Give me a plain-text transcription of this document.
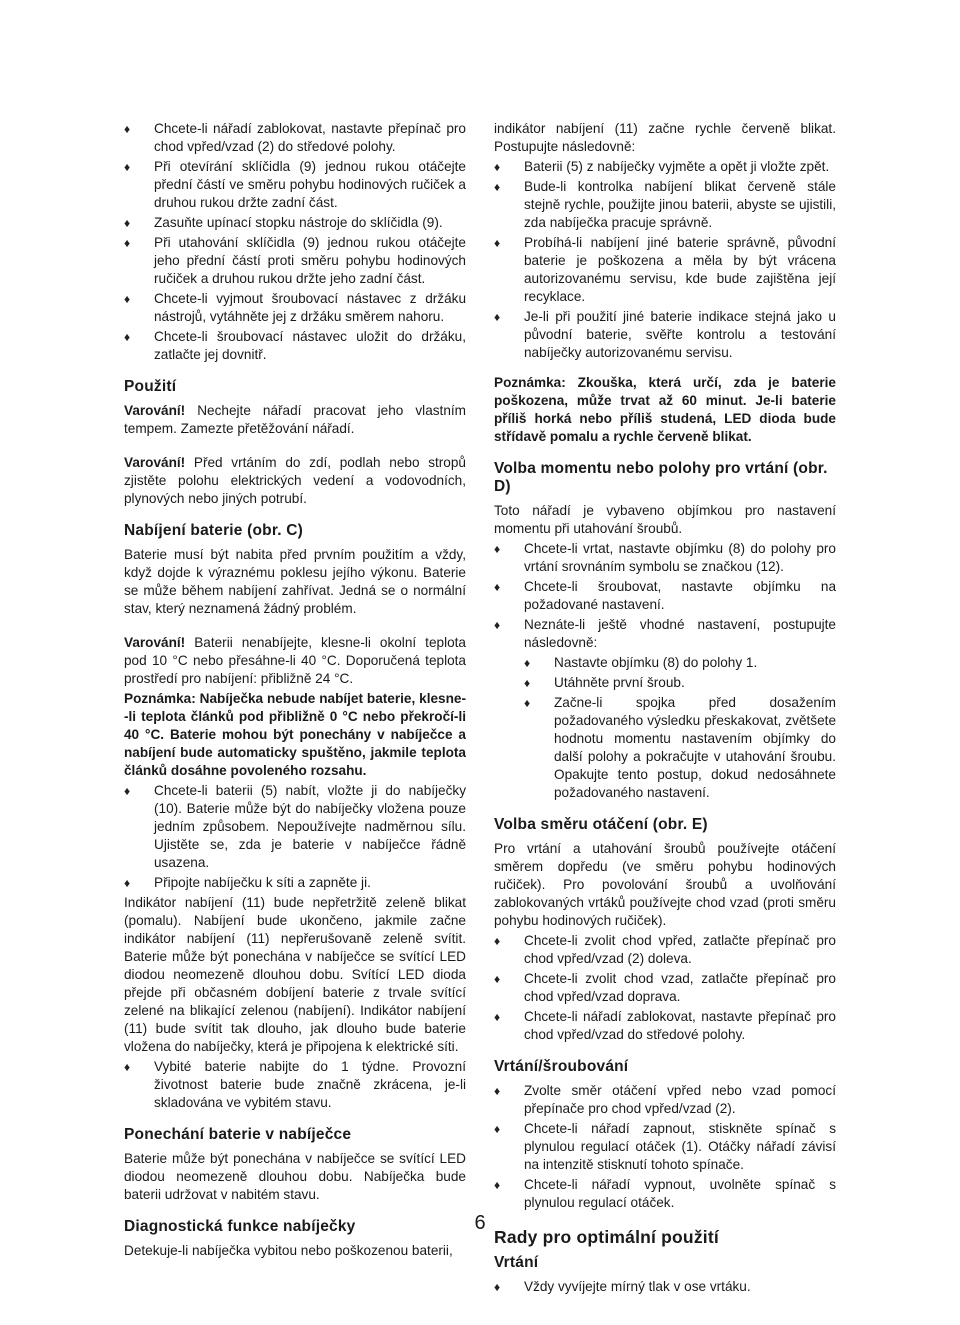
♦ Chcete-li nářadí zablokovat, nastavte přepínač pro chod vpřed/vzad (2) do středové polohy.
♦ Při otevírání sklíčidla (9) jednou rukou otáčejte přední částí ve směru pohybu hodinových ručiček a druhou rukou držte zadní část.
♦ Zasuňte upínací stopku nástroje do sklíčidla (9).
♦ Při utahování sklíčidla (9) jednou rukou otáčejte jeho přední částí proti směru pohybu hodinových ručiček a druhou rukou držte jeho zadní část.
♦ Chcete-li vyjmout šroubovací nástavec z držáku nástrojů, vytáhněte jej z držáku směrem nahoru.
♦ Chcete-li šroubovací nástavec uložit do držáku, zatlačte jej dovnitř.
Použití

Varování! Nechejte nářadí pracovat jeho vlastním tempem. Zamezte přetěžování nářadí.

Varování! Před vrtáním do zdí, podlah nebo stropů zjistěte polohu elektrických vedení a vodovodních, plynových nebo jiných potrubí.

Nabíjení baterie (obr. C)

Baterie musí být nabita před prvním použitím a vždy, když dojde k výraznému poklesu jejího výkonu. Baterie se může během nabíjení zahřívat. Jedná se o normální stav, který neznamená žádný problém.

Varování! Baterii nenabíjejte, klesne-li okolní teplota pod 10 °C nebo přesáhne-li 40 °C. Doporučená teplota prostředí pro nabíjení: přibližně 24 °C.

Poznámka: Nabíječka nebude nabíjet baterie, klesne- -li teplota článků pod přibližně 0 °C nebo překročí-li 40 °C. Baterie mohou být ponechány v nabíječce a nabíjení bude automaticky spuštěno, jakmile teplota článků dosáhne povoleného rozsahu.

♦ Chcete-li baterii (5) nabít, vložte ji do nabíječky (10). Baterie může být do nabíječky vložena pouze jedním způsobem. Nepoužívejte nadměrnou sílu. Ujistěte se, zda je baterie v nabíječce řádně usazena.
♦ Připojte nabíječku k síti a zapněte ji.

Indikátor nabíjení (11) bude nepřetržitě zeleně blikat (pomalu). Nabíjení bude ukončeno, jakmile začne indikátor nabíjení (11) nepřerušovaně zeleně svítit. Baterie může být ponechána v nabíječce se svítící LED diodou neomezeně dlouhou dobu. Svítící LED dioda přejde při občasném dobíjení baterie z trvale svítící zelené na blikající zelenou (nabíjení). Indikátor nabíjení (11) bude svítit tak dlouho, jak dlouho bude baterie vložena do nabíječky, která je připojena k elektrické síti.

♦ Vybité baterie nabijte do 1 týdne. Provozní životnost baterie bude značně zkrácena, je-li skladována ve vybitém stavu.
Ponechání baterie v nabíječce

Baterie může být ponechána v nabíječce se svítící LED diodou neomezeně dlouhou dobu. Nabíječka bude baterii udržovat v nabitém stavu.

Diagnostická funkce nabíječky

Detekuje-li nabíječka vybitou nebo poškozenou baterii,

indikátor nabíjení (11) začne rychle červeně blikat. Postupujte následovně:

♦ Baterii (5) z nabíječky vyjměte a opět ji vložte zpět.
♦ Bude-li kontrolka nabíjení blikat červeně stále stejně rychle, použijte jinou baterii, abyste se ujistili, zda nabíječka pracuje správně.
♦ Probíhá-li nabíjení jiné baterie správně, původní baterie je poškozena a měla by být vrácena autorizovanému servisu, kde bude zajištěna její recyklace.
♦ Je-li při použití jiné baterie indikace stejná jako u původní baterie, svěřte kontrolu a testování nabíječky autorizovanému servisu.

Poznámka: Zkouška, která určí, zda je baterie poškozena, může trvat až 60 minut. Je-li baterie příliš horká nebo příliš studená, LED dioda bude střídavě pomalu a rychle červeně blikat.

Volba momentu nebo polohy pro vrtání (obr. D)

Toto nářadí je vybaveno objímkou pro nastavení momentu při utahování šroubů.

♦ Chcete-li vrtat, nastavte objímku (8) do polohy pro vrtání srovnáním symbolu se značkou (12).
♦ Chcete-li šroubovat, nastavte objímku na požadované nastavení.
♦ Neznáte-li ještě vhodné nastavení, postupujte následovně:
♦ Nastavte objímku (8) do polohy 1.
♦ Utáhněte první šroub.
♦ Začne-li spojka před dosažením požadovaného výsledku přeskakovat, zvětšete hodnotu momentu nastavením objímky do další polohy a pokračujte v utahování šroubu. Opakujte tento postup, dokud nedosáhnete požadovaného nastavení.
Volba směru otáčení (obr. E)

Pro vrtání a utahování šroubů používejte otáčení směrem dopředu (ve směru pohybu hodinových ručiček). Pro povolování šroubů a uvolňování zablokovaných vrtáků používejte chod vzad (proti směru pohybu hodinových ručiček).

♦ Chcete-li zvolit chod vpřed, zatlačte přepínač pro chod vpřed/vzad (2) doleva.
♦ Chcete-li zvolit chod vzad, zatlačte přepínač pro chod vpřed/vzad doprava.
♦ Chcete-li nářadí zablokovat, nastavte přepínač pro chod vpřed/vzad do středové polohy.
Vrtání/šroubování
♦ Zvolte směr otáčení vpřed nebo vzad pomocí přepínače pro chod vpřed/vzad (2).
♦ Chcete-li nářadí zapnout, stiskněte spínač s plynulou regulací otáček (1). Otáčky nářadí závisí na intenzitě stisknutí tohoto spínače.
♦ Chcete-li nářadí vypnout, uvolněte spínač s plynulou regulací otáček.
Rady pro optimální použití
Vrtání
♦ Vždy vyvíjejte mírný tlak v ose vrtáku.
6
